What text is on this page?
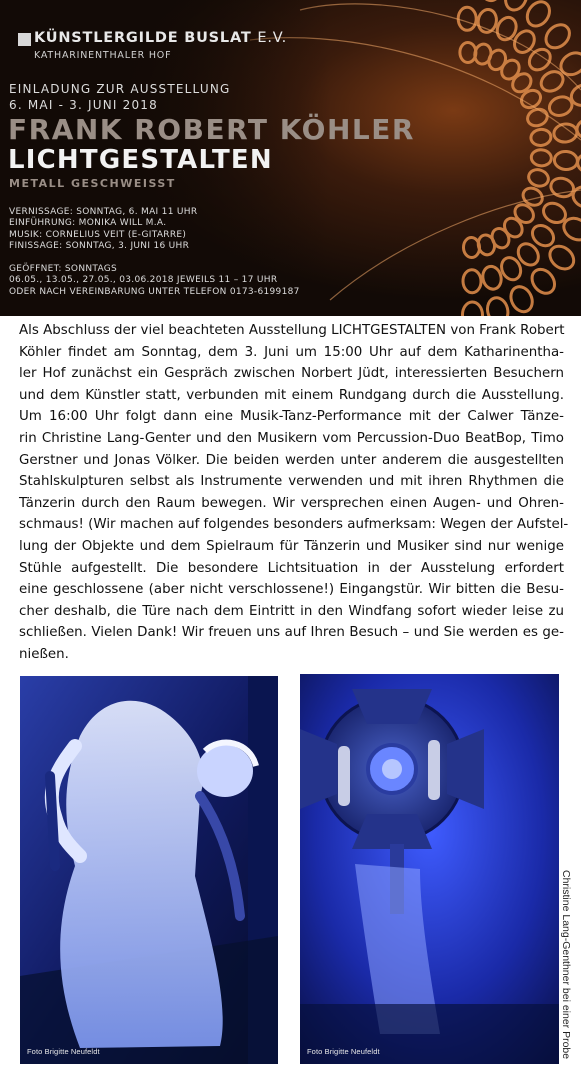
KÜNSTLERGILDE BUSLAT E.V.
KATHARINENTHALER HOF
EINLADUNG ZUR AUSSTELLUNG
6. MAI - 3. JUNI 2018
FRANK ROBERT KÖHLER
LICHTGESTALTEN
METALL GESCHWEISST
VERNISSAGE: SONNTAG, 6. MAI 11 UHR
EINFÜHRUNG: MONIKA WILL M.A.
MUSIK: CORNELIUS VEIT (E-GITARRE)
FINISSAGE: SONNTAG, 3. JUNI 16 UHR
GEÖFFNET: SONNTAGS
06.05., 13.05., 27.05., 03.06.2018 JEWEILS 11 – 17 UHR
ODER NACH VEREINBARUNG UNTER TELEFON 0173-6199187
Als Abschluss der viel beachteten Ausstellung LICHTGESTALTEN von Frank Robert
Köhler findet am Sonntag, dem 3. Juni um 15:00 Uhr auf dem Katharinentha-
ler Hof zunächst ein Gespräch zwischen Norbert Jüdt, interessierten Besuchern
und dem Künstler statt, verbunden mit einem Rundgang durch die Ausstellung.
Um 16:00 Uhr folgt dann eine Musik-Tanz-Performance mit der Calwer Tänze-
rin Christine Lang-Genter und den Musikern vom Percussion-Duo BeatBop, Timo
Gerstner und Jonas Völker. Die beiden werden unter anderem die ausgestellten
Stahlskulpturen selbst als Instrumente verwenden und mit ihren Rhythmen die
Tänzerin durch den Raum bewegen. Wir versprechen einen Augen- und Ohren-
schmaus! (Wir machen auf folgendes besonders aufmerksam: Wegen der Aufstel-
lung der Objekte und dem Spielraum für Tänzerin und Musiker sind nur wenige
Stühle aufgestellt. Die besondere Lichtsituation in der Ausstelung erfordert
eine geschlossene (aber nicht verschlossene!) Eingangstür. Wir bitten die Besu-
cher deshalb, die Türe nach dem Eintritt in den Windfang sofort wieder leise zu
schließen. Vielen Dank! Wir freuen uns auf Ihren Besuch – und Sie werden es ge-
nießen.
Foto Brigitte Neufeldt	Foto Brigitte Neufeldt	Christine Lang-Genthner bei einer Probe
